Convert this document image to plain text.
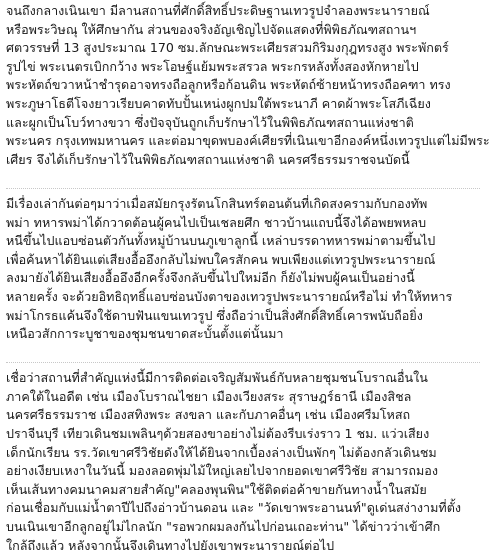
จนถึงกลางเนินเขา มีลานสถานที่ศักดิ์สิทธิ์ประดิษฐานเทวรูปจำลองพระนารายณ์
หรือพระวิษณุ ให้ศึกษากัน ส่วนของจริงอัญเชิญไปจัดแสดงที่พิพิธภัณฑสถานฯ
ศตวรรษที่ 13 สูงประมาณ 170 ซม.ลักษณะพระเศียรสวมกิริมงกุฎทรงสูง พระพักตร์
รูปไข่ พระเนตรเบิกกว้าง พระโอษฐ์แย้มพระสรวล พระกรหลังทั้งสองหักหายไป
พระหัตถ์ขวาหน้าชำรุดอาจทรงถือลูกหรือก้อนดิน พระหัตถ์ซ้ายหน้าทรงถือคฑา ทรง
พระภูษาโธตีโจงยาวเรียบคาดทับปั้นเหน่งผูกปมใต้พระนาภี คาดผ้าพระโสภีเฉียง
และผูกเป็นโบว์ทางขวา ซึ่งปัจจุบันถูกเก็บรักษาไว้ในพิพิธภัณฑสถานแห่งชาติ
พระนคร กรุงเทพมหานคร และต่อมาขุดพบองค์เศียรที่เนินเขาอีกองค์หนึ่งเทวรูปแต่ไม่มีพระ
เศียร จึงได้เก็บรักษาไว้ในพิพิธภัณฑสถานแห่งชาติ นครศรีธรรมราชจนบัดนี้
มีเรื่องเล่ากันต่อๆมาว่าเมื่อสมัยกรุงรัตนโกสินทร์ตอนต้นที่เกิดสงครามกับกองทัพ
พม่า ทหารพม่าได้กวาดต้อนผู้คนไปเป็นเชลยศึก ชาวบ้านแถบนี้จึงได้อพยพหลบ
หนีขึ้นไปแอบซ่อนตัวกันทั้งหมู่บ้านบนภูเขาลูกนี้ เหล่าบรรดาทหารพม่าตามขึ้นไป
เพื่อค้นหาได้ยินแต่เสียงอื้ออึงกลับไม่พบใครสักคน พบเพียงแต่เทวรูปพระนารายณ์
ลงมายังได้ยินเสียงอื้ออึงอีกครั้งจึงกลับขึ้นไปใหม่อีก ก็ยังไม่พบผู้คนเป็นอย่างนี้
หลายครั้ง จะด้วยอิทธิฤทธิ์แอบซ่อนบังตาของเทวรูปพระนารายณ์หรือไม่ ทำให้ทหาร
พม่าโกรธแค้นจึงใช้ดาบฟันแขนเทวรูป ซึ่งถือว่าเป็นสิ่งศักดิ์สิทธิ์เคารพนับถือยิ่ง
เหนือวสักการะบูชาของชุมชนขาดสะบั้นตั้งแต่นั้นมา
เชื่อว่าสถานที่สำคัญแห่งนี้มีการติดต่อเจริญสัมพันธ์กับหลายชุมชนโบราณอื่นใน
ภาคใต้ในอดีต เช่น เมืองโบราณไชยา เมืองเวียงสระ สุราษฎร์ธานี เมืองสิชล
นครศรีธรรมราช เมืองสทิงพระ สงขลา และกับภาคอื่นๆ เช่น เมืองศรีมโหสถ
ปราจีนบุรี เทียวเดินชมเพลินๆด้วยสองขาอย่างไม่ต้องรีบเร่งราว 1 ชม. แว่วเสียง
เด็กนักเรียน รร.วัดเขาศรีวิชัยดังให้ได้ยินจากเบื้องล่างเป็นพักๆ ไม่ต้องกลัวเดินชม
อย่างเงียบเหงาในวันนี้ มองลอดพุ่มไม้ใหญ่เลยไปจากยอดเขาศรีวิชัย สามารถมอง
เห็นเส้นทางคมนาคมสายสำคัญ"คลองพุนพิน"ใช้ติดต่อค้าขายกันทางน้ำในสมัย
ก่อนเชื่อมกับแม่น้ำตาปีไปถึงอ่าวบ้านดอน และ "วัดเขาพระอานนท์"ดูเด่นสง่างามที่ตั้ง
บนเนินเขาอีกลูกอยู่ไม่ไกลนัก "รอพวกผมลงกันไปก่อนเถอะท่าน" ได้ข่าวว่าเข้าศึก
ใกล้ถึงแล้ว หลังจากนั้นจึงเดินทางไปยังเขาพระนารายณ์ต่อไป
